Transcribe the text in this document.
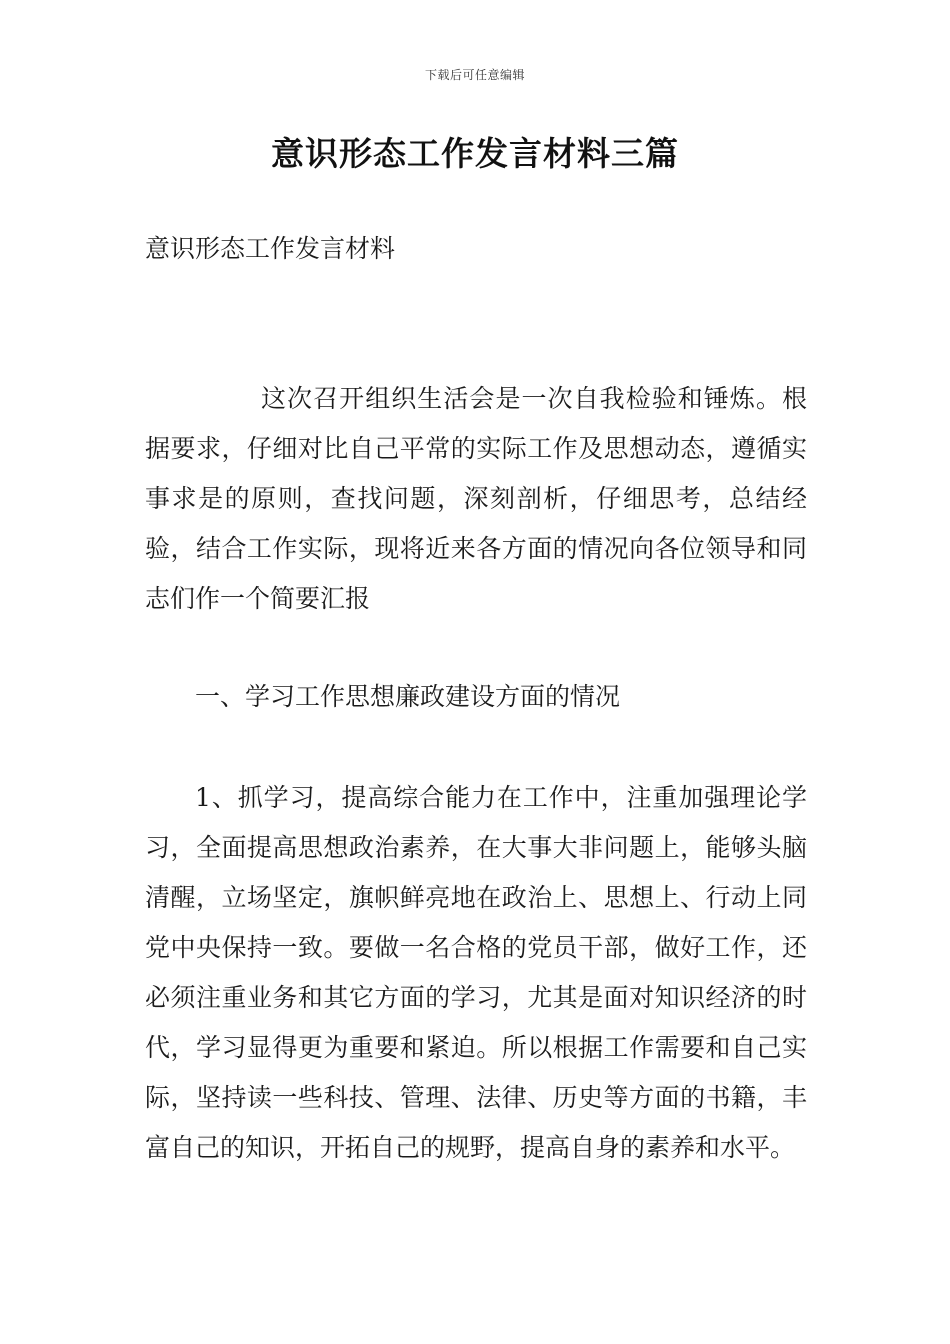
下载后可任意编辑
意识形态工作发言材料三篇

意识形态工作发言材料

这次召开组织生活会是一次自我检验和锤炼。根据要求，仔细对比自己平常的实际工作及思想动态，遵循实事求是的原则，查找问题，深刻剖析，仔细思考，总结经验，结合工作实际，现将近来各方面的情况向各位领导和同志们作一个简要汇报

一、学习工作思想廉政建设方面的情况

1、抓学习，提高综合能力在工作中，注重加强理论学习，全面提高思想政治素养，在大事大非问题上，能够头脑清醒，立场坚定，旗帜鲜亮地在政治上、思想上、行动上同党中央保持一致。要做一名合格的党员干部，做好工作，还必须注重业务和其它方面的学习，尤其是面对知识经济的时代，学习显得更为重要和紧迫。所以根据工作需要和自己实际，坚持读一些科技、管理、法律、历史等方面的书籍，丰富自己的知识，开拓自己的规野，提高自身的素养和水平。
